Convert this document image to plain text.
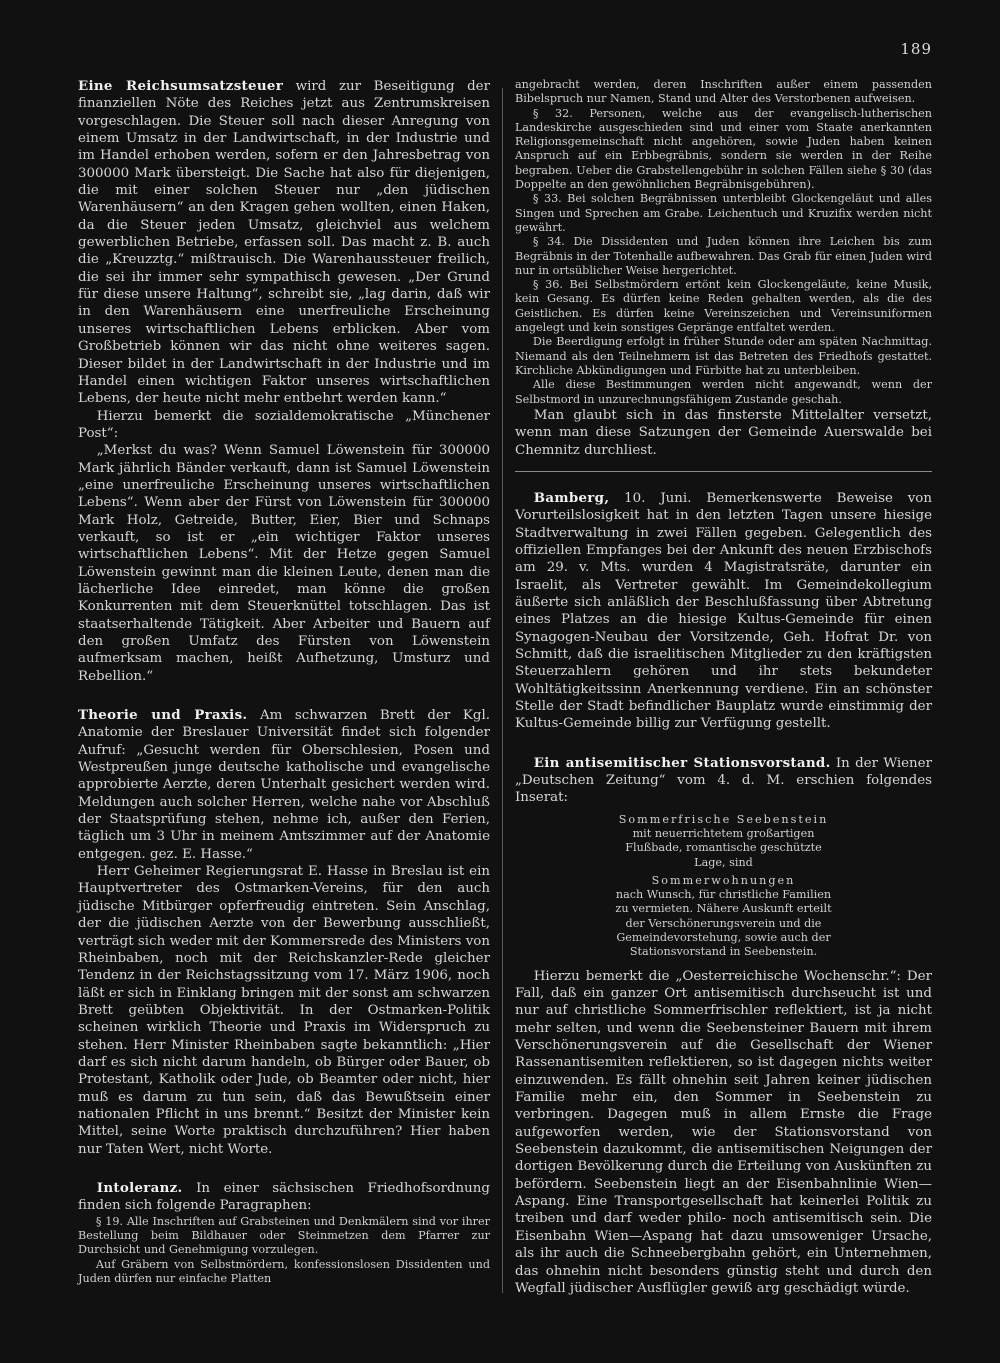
189

Eine Reichsumsatzsteuer wird zur Beseitigung der finanziellen Nöte des Reiches jetzt aus Zentrumskreisen vorgeschlagen. Die Steuer soll nach dieser Anregung von einem Umsatz in der Landwirtschaft, in der Industrie und im Handel erhoben werden, sofern er den Jahresbetrag von 300000 Mark übersteigt. Die Sache hat also für diejenigen, die mit einer solchen Steuer nur „den jüdischen Warenhäusern“ an den Kragen gehen wollten, einen Haken, da die Steuer jeden Umsatz, gleichviel aus welchem gewerblichen Betriebe, erfassen soll. Das macht z. B. auch die „Kreuzztg.“ mißtrauisch. Die Warenhaussteuer freilich, die sei ihr immer sehr sympathisch gewesen. „Der Grund für diese unsere Haltung“, schreibt sie, „lag darin, daß wir in den Warenhäusern eine unerfreuliche Erscheinung unseres wirtschaftlichen Lebens erblicken. Aber vom Großbetrieb können wir das nicht ohne weiteres sagen. Dieser bildet in der Landwirtschaft in der Industrie und im Handel einen wichtigen Faktor unseres wirtschaftlichen Lebens, der heute nicht mehr entbehrt werden kann.“

Hierzu bemerkt die sozialdemokratische „Münchener Post“:

„Merkst du was? Wenn Samuel Löwenstein für 300000 Mark jährlich Bänder verkauft, dann ist Samuel Löwenstein „eine unerfreuliche Erscheinung unseres wirtschaftlichen Lebens“. Wenn aber der Fürst von Löwenstein für 300000 Mark Holz, Getreide, Butter, Eier, Bier und Schnaps verkauft, so ist er „ein wichtiger Faktor unseres wirtschaftlichen Lebens“. Mit der Hetze gegen Samuel Löwenstein gewinnt man die kleinen Leute, denen man die lächerliche Idee einredet, man könne die großen Konkurrenten mit dem Steuerknüttel totschlagen. Das ist staatserhaltende Tätigkeit. Aber Arbeiter und Bauern auf den großen Umfatz des Fürsten von Löwenstein aufmerksam machen, heißt Aufhetzung, Umsturz und Rebellion.“

Theorie und Praxis. Am schwarzen Brett der Kgl. Anatomie der Breslauer Universität findet sich folgender Aufruf: „Gesucht werden für Oberschlesien, Posen und Westpreußen junge deutsche katholische und evangelische approbierte Aerzte, deren Unterhalt gesichert werden wird. Meldungen auch solcher Herren, welche nahe vor Abschluß der Staatsprüfung stehen, nehme ich, außer den Ferien, täglich um 3 Uhr in meinem Amtszimmer auf der Anatomie entgegen. gez. E. Hasse.“

Herr Geheimer Regierungsrat E. Hasse in Breslau ist ein Hauptvertreter des Ostmarken-Vereins, für den auch jüdische Mitbürger opferfreudig eintreten. Sein Anschlag, der die jüdischen Aerzte von der Bewerbung ausschließt, verträgt sich weder mit der Kommersrede des Ministers von Rheinbaben, noch mit der Reichskanzler-Rede gleicher Tendenz in der Reichstagssitzung vom 17. März 1906, noch läßt er sich in Einklang bringen mit der sonst am schwarzen Brett geübten Objektivität. In der Ostmarken-Politik scheinen wirklich Theorie und Praxis im Widerspruch zu stehen. Herr Minister Rheinbaben sagte bekanntlich: „Hier darf es sich nicht darum handeln, ob Bürger oder Bauer, ob Protestant, Katholik oder Jude, ob Beamter oder nicht, hier muß es darum zu tun sein, daß das Bewußtsein einer nationalen Pflicht in uns brennt.“ Besitzt der Minister kein Mittel, seine Worte praktisch durchzuführen? Hier haben nur Taten Wert, nicht Worte.

Intoleranz. In einer sächsischen Friedhofsordnung finden sich folgende Paragraphen:

§ 19. Alle Inschriften auf Grabsteinen und Denkmälern sind vor ihrer Bestellung beim Bildhauer oder Steinmetzen dem Pfarrer zur Durchsicht und Genehmigung vorzulegen.

Auf Gräbern von Selbstmördern, konfessionslosen Dissidenten und Juden dürfen nur einfache Platten

angebracht werden, deren Inschriften außer einem passenden Bibelspruch nur Namen, Stand und Alter des Verstorbenen aufweisen.

§ 32. Personen, welche aus der evangelisch-lutherischen Landeskirche ausgeschieden sind und einer vom Staate anerkannten Religionsgemeinschaft nicht angehören, sowie Juden haben keinen Anspruch auf ein Erbbegräbnis, sondern sie werden in der Reihe begraben. Ueber die Grabstellengebühr in solchen Fällen siehe § 30 (das Doppelte an den gewöhnlichen Begräbnisgebühren).

§ 33. Bei solchen Begräbnissen unterbleibt Glockengeläut und alles Singen und Sprechen am Grabe. Leichentuch und Kruzifix werden nicht gewährt.

§ 34. Die Dissidenten und Juden können ihre Leichen bis zum Begräbnis in der Totenhalle aufbewahren. Das Grab für einen Juden wird nur in ortsüblicher Weise hergerichtet.

§ 36. Bei Selbstmördern ertönt kein Glockengeläute, keine Musik, kein Gesang. Es dürfen keine Reden gehalten werden, als die des Geistlichen. Es dürfen keine Vereinszeichen und Vereinsuniformen angelegt und kein sonstiges Gepränge entfaltet werden.

Die Beerdigung erfolgt in früher Stunde oder am späten Nachmittag. Niemand als den Teilnehmern ist das Betreten des Friedhofs gestattet. Kirchliche Abkündigungen und Fürbitte hat zu unterbleiben.

Alle diese Bestimmungen werden nicht angewandt, wenn der Selbstmord in unzurechnungsfähigem Zustande geschah.

Man glaubt sich in das finsterste Mittelalter versetzt, wenn man diese Satzungen der Gemeinde Auerswalde bei Chemnitz durchliest.

Bamberg, 10. Juni. Bemerkenswerte Beweise von Vorurteilslosigkeit hat in den letzten Tagen unsere hiesige Stadtverwaltung in zwei Fällen gegeben. Gelegentlich des offiziellen Empfanges bei der Ankunft des neuen Erzbischofs am 29. v. Mts. wurden 4 Magistratsräte, darunter ein Israelit, als Vertreter gewählt. Im Gemeindekollegium äußerte sich anläßlich der Beschlußfassung über Abtretung eines Platzes an die hiesige Kultus-Gemeinde für einen Synagogen-Neubau der Vorsitzende, Geh. Hofrat Dr. von Schmitt, daß die israelitischen Mitglieder zu den kräftigsten Steuerzahlern gehören und ihr stets bekundeter Wohltätigkeitssinn Anerkennung verdiene. Ein an schönster Stelle der Stadt befindlicher Bauplatz wurde einstimmig der Kultus-Gemeinde billig zur Verfügung gestellt.

Ein antisemitischer Stationsvorstand. In der Wiener „Deutschen Zeitung“ vom 4. d. M. erschien folgendes Inserat:

Sommerfrische Seebenstein
mit neuerrichtetem großartigen Flußbade, romantische geschützte Lage, sind
Sommerwohnungen
nach Wunsch, für christliche Familien zu vermieten. Nähere Auskunft erteilt der Verschönerungsverein und die Gemeindevorstehung, sowie auch der Stationsvorstand in Seebenstein.

Hierzu bemerkt die „Oesterreichische Wochenschr.“: Der Fall, daß ein ganzer Ort antisemitisch durchseucht ist und nur auf christliche Sommerfrischler reflektiert, ist ja nicht mehr selten, und wenn die Seebensteiner Bauern mit ihrem Verschönerungsverein auf die Gesellschaft der Wiener Rassenantisemiten reflektieren, so ist dagegen nichts weiter einzuwenden. Es fällt ohnehin seit Jahren keiner jüdischen Familie mehr ein, den Sommer in Seebenstein zu verbringen. Dagegen muß in allem Ernste die Frage aufgeworfen werden, wie der Stationsvorstand von Seebenstein dazukommt, die antisemitischen Neigungen der dortigen Bevölkerung durch die Erteilung von Auskünften zu befördern. Seebenstein liegt an der Eisenbahnlinie Wien—Aspang. Eine Transportgesellschaft hat keinerlei Politik zu treiben und darf weder philo- noch antisemitisch sein. Die Eisenbahn Wien—Aspang hat dazu umsoweniger Ursache, als ihr auch die Schneebergbahn gehört, ein Unternehmen, das ohnehin nicht besonders günstig steht und durch den Wegfall jüdischer Ausflügler gewiß arg geschädigt würde.
